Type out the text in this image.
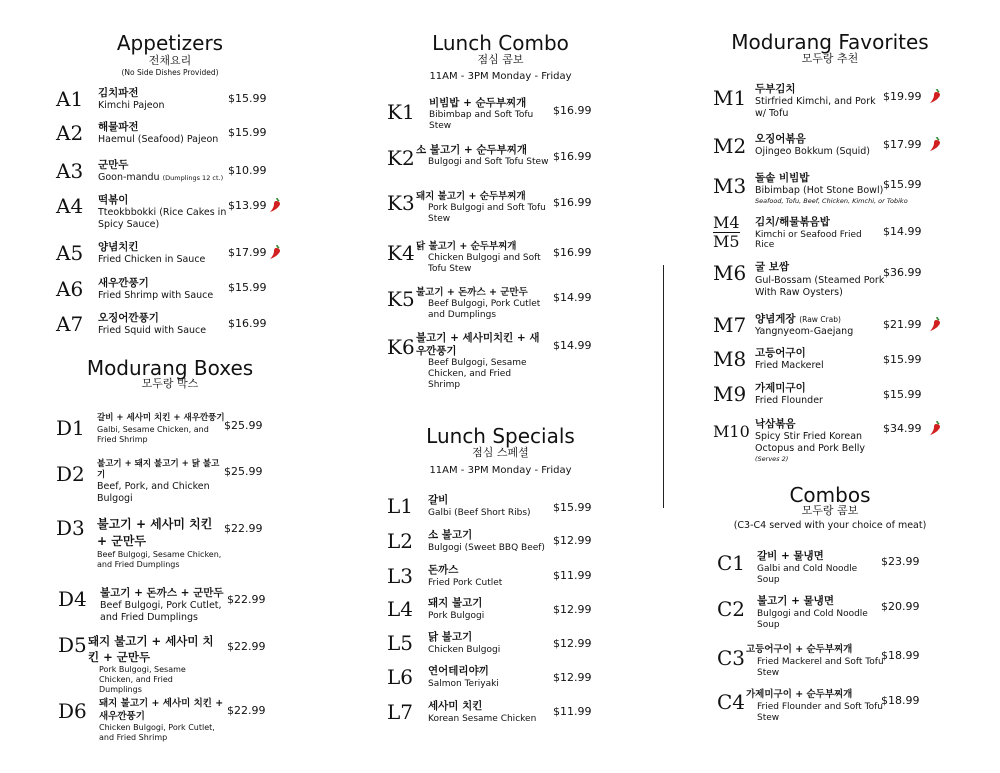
Appetizers
전채요리
(No Side Dishes Provided)
A1 김치파전
Kimchi Pajeon
$15.99
A2 해물파전
Haemul (Seafood) Pajeon
$15.99
A3 군만두
Goon-mandu (Dumplings 12 ct.)
$10.99
A4 떡볶이
Tteokbbokki (Rice Cakes in Spicy Sauce)
$13.99
A5 양념치킨
Fried Chicken in Sauce
$17.99
A6 새우깐풍기
Fried Shrimp with Sauce
$15.99
A7 오징어깐풍기
Fried Squid with Sauce
$16.99
Modurang Boxes
모두랑 박스
D1 갈비 + 세사미 치킨 + 새우깐풍기
Galbi, Sesame Chicken, and Fried Shrimp
$25.99
D2 불고기 + 돼지 불고기 + 닭 불고기
Beef, Pork, and Chicken Bulgogi
$25.99
D3 불고기 + 세사미 치킨 + 군만두
Beef Bulgogi, Sesame Chicken, and Fried Dumplings
$22.99
D4 불고기 + 돈까스 + 군만두
Beef Bulgogi, Pork Cutlet, and Fried Dumplings
$22.99
D5 돼지 불고기 + 세사미 치킨 + 군만두
Pork Bulgogi, Sesame Chicken, and Fried Dumplings
$22.99
D6 돼지 불고기 + 세사미 치킨 + 새우깐풍기
Chicken Bulgogi, Pork Cutlet, and Fried Shrimp
$22.99
Lunch Combo
점심 콤보
11AM - 3PM Monday - Friday
K1 비빔밥 + 순두부찌개
Bibimbap and Soft Tofu Stew
$16.99
K2 소 불고기 + 순두부찌개
Bulgogi and Soft Tofu Stew $16.99
K3 돼지 불고기 + 순두부찌개
Pork Bulgogi and Soft Tofu Stew
$16.99
K4 닭 불고기 + 순두부찌개
Chicken Bulgogi and Soft Tofu Stew
$16.99
K5 불고기 + 돈까스 + 군만두
Beef Bulgogi, Pork Cutlet and Dumplings
$14.99
K6 불고기 + 세사미치킨 + 새우깐풍기
Beef Bulgogi, Sesame Chicken, and Fried Shrimp
$14.99
Lunch Specials
점심 스페셜
11AM - 3PM Monday - Friday
L1 갈비
Galbi (Beef Short Ribs)	$15.99
L2 소 불고기
Bulgogi (Sweet BBQ Beef)
$12.99
L3 돈까스
Fried Pork Cutlet
$11.99
L4 돼지 불고기
Pork Bulgogi	$12.99
L5 닭 불고기
Chicken Bulgogi	$12.99
L6 연어테리야끼
Salmon Teriyaki	$12.99
L7 세사미 치킨
Korean Sesame Chicken
$11.99
Modurang Favorites
모두랑 추천
M1 두부김치
Stirfried Kimchi, and Pork w/ Tofu
$19.99
M2 오징어볶음
Ojingeo Bokkum (Squid)
$17.99
M3 돌솥 비빔밥
Bibimbap (Hot Stone Bowl)
Seafood, Tofu, Beef, Chicken, Kimchi, or Tobiko
$15.99
M4
M5
김치/해물볶음밥
Kimchi or Seafood Fried Rice
$14.99
M6 굴 보쌈
Gul-Bossam (Steamed Pork With Raw Oysters)
$36.99
M7 양념게장 (Raw Crab)
Yangnyeom-Gaejang
$21.99
M8 고등어구이
Fried Mackerel	$15.99
M9 가제미구이
Fried Flounder	$15.99
M10 낙삼볶음
Spicy Stir Fried Korean Octopus and Pork Belly
(Serves 2)
$34.99
Combos
모두랑 콤보
(C3-C4 served with your choice of meat)
C1 갈비 + 물냉면
Galbi and Cold Noodle Soup
$23.99
C2 불고기 + 물냉면
Bulgogi and Cold Noodle Soup
$20.99
C3 고등어구이 + 순두부찌개
Fried Mackerel and Soft Tofu Stew
$18.99
C4 가제미구이 + 순두부찌개
Fried Flounder and Soft Tofu Stew
$18.99
